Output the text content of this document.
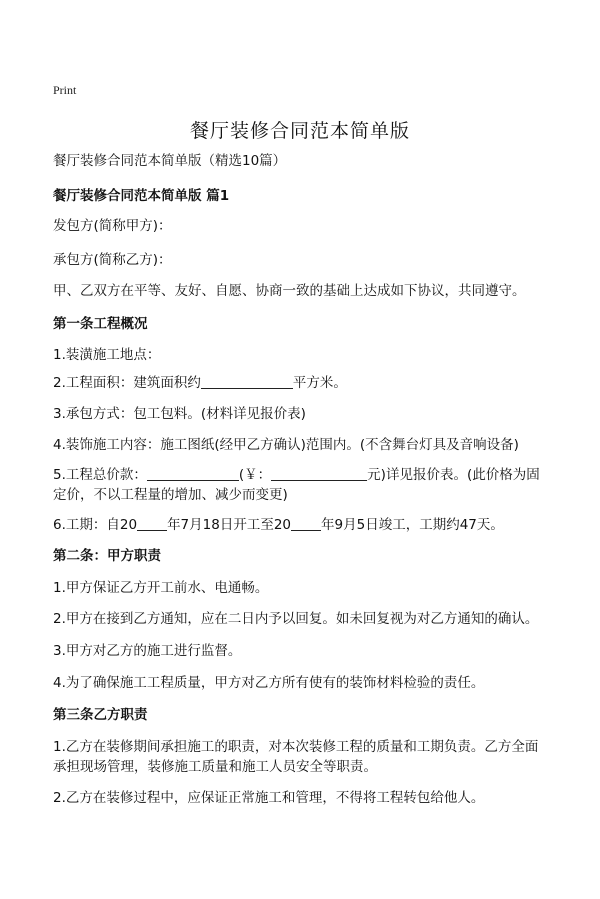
Print
餐厅装修合同范本简单版
餐厅装修合同范本简单版（精选10篇）
餐厅装修合同范本简单版 篇1
发包方(简称甲方)：
承包方(简称乙方)：
甲、乙双方在平等、友好、自愿、协商一致的基础上达成如下协议，共同遵守。
第一条工程概况
1.装潢施工地点：
2.工程面积：建筑面积约	平方米。
3.承包方式：包工包料。(材料详见报价表)
4.装饰施工内容：施工图纸(经甲乙方确认)范围内。(不含舞台灯具及音响设备)
5.工程总价款：	(￥：	元)详见报价表。(此价格为固
定价，不以工程量的增加、减少而变更)
6.工期：自20 年7月18日开工至20 年9月5日竣工，工期约47天。
第二条：甲方职责
1.甲方保证乙方开工前水、电通畅。
2.甲方在接到乙方通知，应在二日内予以回复。如未回复视为对乙方通知的确认。
3.甲方对乙方的施工进行监督。
4.为了确保施工工程质量，甲方对乙方所有使有的装饰材料检验的责任。
第三条乙方职责
1.乙方在装修期间承担施工的职责，对本次装修工程的质量和工期负责。乙方全面
承担现场管理，装修施工质量和施工人员安全等职责。
2.乙方在装修过程中，应保证正常施工和管理，不得将工程转包给他人。
